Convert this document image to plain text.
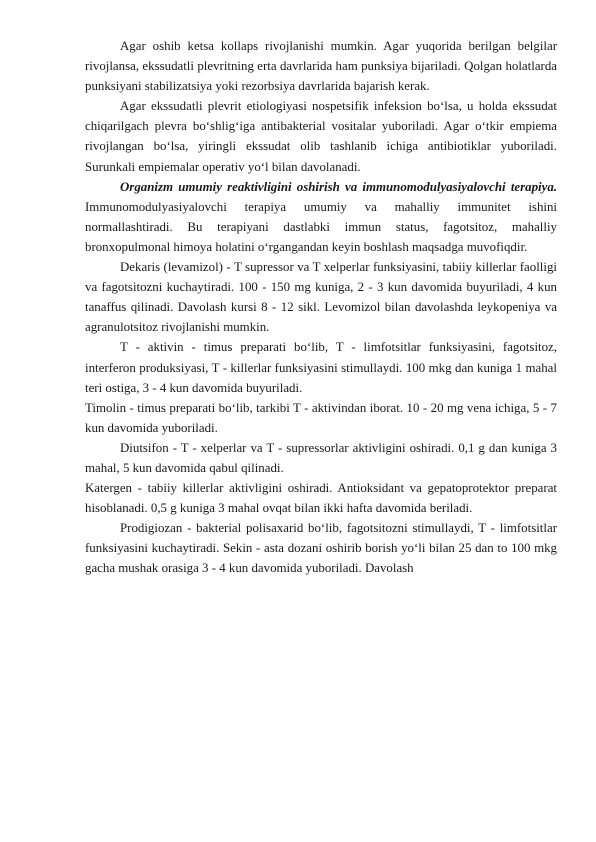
Agar oshib ketsa kollaps rivojlanishi mumkin. Agar yuqorida berilgan belgilar rivojlansa, ekssudatli plevritning erta davrlarida ham punksiya bijariladi. Qolgan holatlarda punksiyani stabilizatsiya yoki rezorbsiya davrlarida bajarish kerak.

Agar ekssudatli plevrit etiologiyasi nospetsifik infeksion bo‘lsa, u holda ekssudat chiqarilgach plevra bo‘shlig‘iga antibakterial vositalar yuboriladi. Agar o‘tkir empiema rivojlangan bo‘lsa, yiringli ekssudat olib tashlanib ichiga antibiotiklar yuboriladi. Surunkali empiemalar operativ yo‘l bilan davolanadi.

Organizm umumiy reaktivligini oshirish va immunomodulyasiyalovchi terapiya. Immunomodulyasiyalovchi terapiya umumiy va mahalliy immunitet ishini normallashtiradi. Bu terapiyani dastlabki immun status, fagotsitoz, mahalliy bronxopulmonal himoya holatini o‘rgangandan keyin boshlash maqsadga muvofiqdir.

Dekaris (levamizol) - T supressor va T xelperlar funksiyasini, tabiiy killerlar faolligi va fagotsitozni kuchaytiradi. 100 - 150 mg kuniga, 2 - 3 kun davomida buyuriladi, 4 kun tanaffus qilinadi. Davolash kursi 8 - 12 sikl. Levomizol bilan davolashda leykopeniya va agranulotsitoz rivojlanishi mumkin.

T - aktivin - timus preparati bo‘lib, T - limfotsitlar funksiyasini, fagotsitoz, interferon produksiyasi, T - killerlar funksiyasini stimullaydi. 100 mkg dan kuniga 1 mahal teri ostiga, 3 - 4 kun davomida buyuriladi.

Timolin - timus preparati bo‘lib, tarkibi T - aktivindan iborat. 10 - 20 mg vena ichiga, 5 - 7 kun davomida yuboriladi.

Diutsifon - T - xelperlar va T - supressorlar aktivligini oshiradi. 0,1 g dan kuniga 3 mahal, 5 kun davomida qabul qilinadi.

Katergen - tabiiy killerlar aktivligini oshiradi. Antioksidant va gepatoprotektor preparat hisoblanadi. 0,5 g kuniga 3 mahal ovqat bilan ikki hafta davomida beriladi.

Prodigiozan - bakterial polisaxarid bo‘lib, fagotsitozni stimullaydi, T - limfotsitlar funksiyasini kuchaytiradi. Sekin - asta dozani oshirib borish yo‘li bilan 25 dan to 100 mkg gacha mushak orasiga 3 - 4 kun davomida yuboriladi. Davolash
